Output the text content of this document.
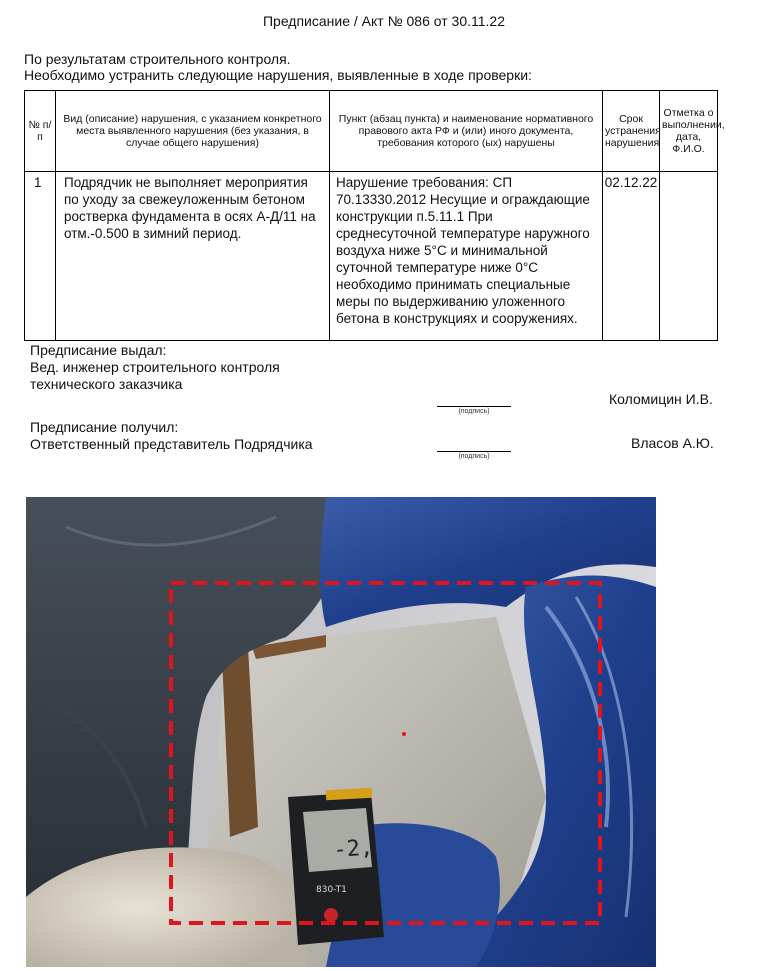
Предписание / Акт № 086 от 30.11.22
По результатам строительного контроля.
Необходимо устранить следующие нарушения, выявленные в ходе проверки:
№ п/п	Вид (описание) нарушения, с указанием конкретного места выявленного нарушения (без указания, в случае общего нарушения)	Пункт (абзац пункта) и наименование нормативного правового акта РФ и (или) иного документа, требования которого (ых) нарушены	Срок устранения нарушения	Отметка о выполнении, дата, Ф.И.О.
1	Подрядчик не выполняет мероприятия по уходу за свежеуложенным бетоном ростверка фундамента в осях А-Д/11 на отм.-0.500 в зимний период.	Нарушение требования: СП 70.13330.2012 Несущие и ограждающие конструкции п.5.11.1 При среднесуточной температуре наружного воздуха ниже 5°С и минимальной суточной температуре ниже 0°С необходимо принимать специальные меры по выдерживанию уложенного бетона в конструкциях и сооружениях.	02.12.22	
Предписание выдал:
Вед. инженер строительного контроля
технического заказчика
(подпись)
Коломицин И.В.
Предписание получил:
Ответственный представитель Подрядчика
(подпись)
Власов А.Ю.
-2,
830-T1
